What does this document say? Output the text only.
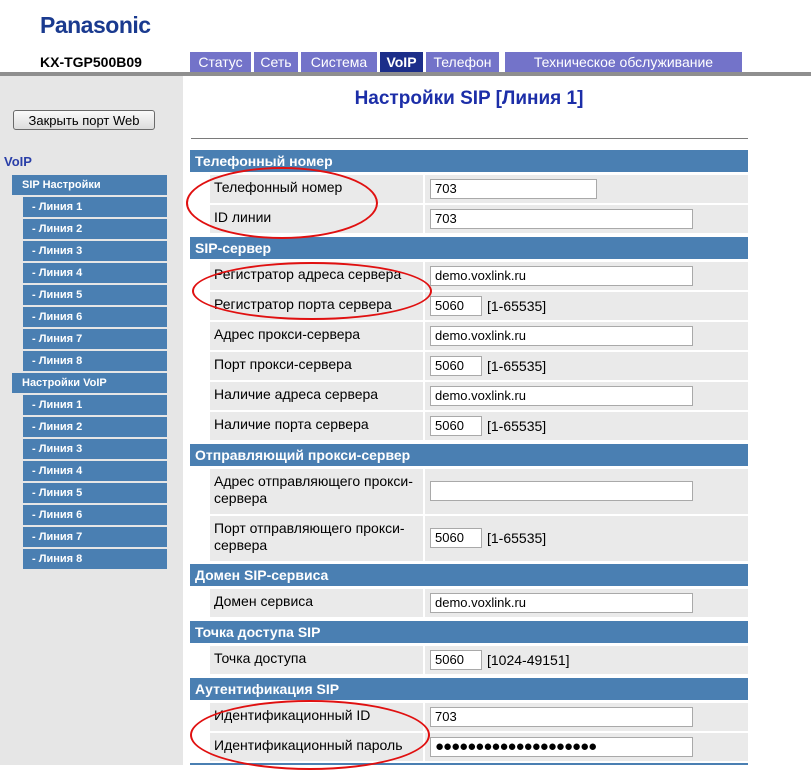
Panasonic
KX-TGP500B09	Статус	Сеть	Система	VoIP	Телефон	Техническое обслуживание
Закрыть порт Web
VoIP
SIP Настройки
- Линия 1
- Линия 2
- Линия 3
- Линия 4
- Линия 5
- Линия 6
- Линия 7
- Линия 8
Настройки VoIP
- Линия 1
- Линия 2
- Линия 3
- Линия 4
- Линия 5
- Линия 6
- Линия 7
- Линия 8
Настройки SIP [Линия 1]
Телефонный номер
Телефонный номер	703
ID линии	703
SIP-сервер
Регистратор адреса сервера	demo.voxlink.ru
Регистратор порта сервера	5060	[1-65535]
Адрес прокси-сервера	demo.voxlink.ru
Порт прокси-сервера	5060	[1-65535]
Наличие адреса сервера	demo.voxlink.ru
Наличие порта сервера	5060	[1-65535]
Отправляющий прокси-сервер
Адрес отправляющего прокси-сервера
Порт отправляющего прокси-сервера	5060	[1-65535]
Домен SIP-сервиса
Домен сервиса	demo.voxlink.ru
Точка доступа SIP
Точка доступа	5060	[1024-49151]
Аутентификация SIP
Идентификационный ID	703
Идентификационный пароль	●●●●●●●●●●●●●●●●●●●●
